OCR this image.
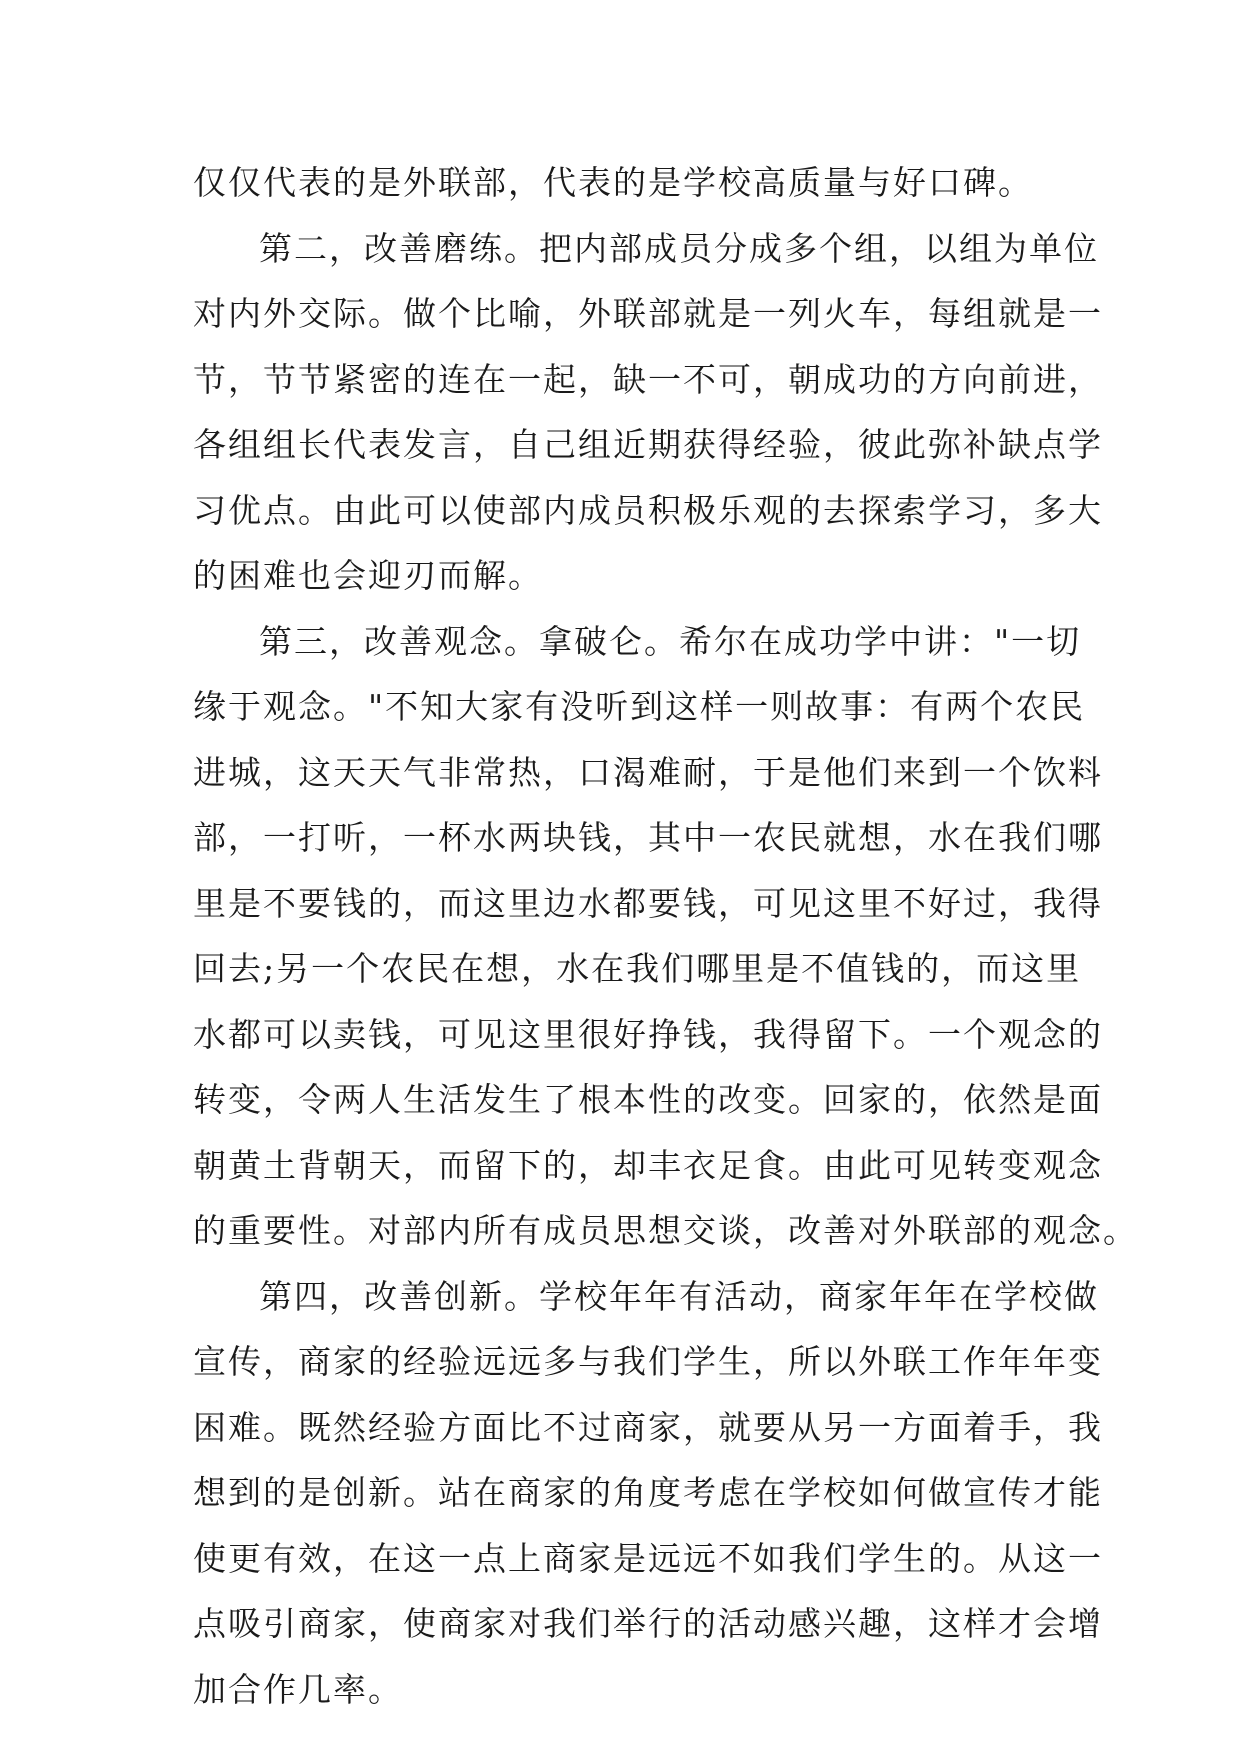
仅仅代表的是外联部，代表的是学校高质量与好口碑。
第二，改善磨练。把内部成员分成多个组，以组为单位
对内外交际。做个比喻，外联部就是一列火车，每组就是一
节，节节紧密的连在一起，缺一不可，朝成功的方向前进，
各组组长代表发言，自己组近期获得经验，彼此弥补缺点学
习优点。由此可以使部内成员积极乐观的去探索学习，多大
的困难也会迎刃而解。
第三，改善观念。拿破仑。希尔在成功学中讲："一切
缘于观念。"不知大家有没听到这样一则故事：有两个农民
进城，这天天气非常热，口渴难耐，于是他们来到一个饮料
部，一打听，一杯水两块钱，其中一农民就想，水在我们哪
里是不要钱的，而这里边水都要钱，可见这里不好过，我得
回去;另一个农民在想，水在我们哪里是不值钱的，而这里
水都可以卖钱，可见这里很好挣钱，我得留下。一个观念的
转变，令两人生活发生了根本性的改变。回家的，依然是面
朝黄土背朝天，而留下的，却丰衣足食。由此可见转变观念
的重要性。对部内所有成员思想交谈，改善对外联部的观念。
第四，改善创新。学校年年有活动，商家年年在学校做
宣传，商家的经验远远多与我们学生，所以外联工作年年变
困难。既然经验方面比不过商家，就要从另一方面着手，我
想到的是创新。站在商家的角度考虑在学校如何做宣传才能
使更有效，在这一点上商家是远远不如我们学生的。从这一
点吸引商家，使商家对我们举行的活动感兴趣，这样才会增
加合作几率。
